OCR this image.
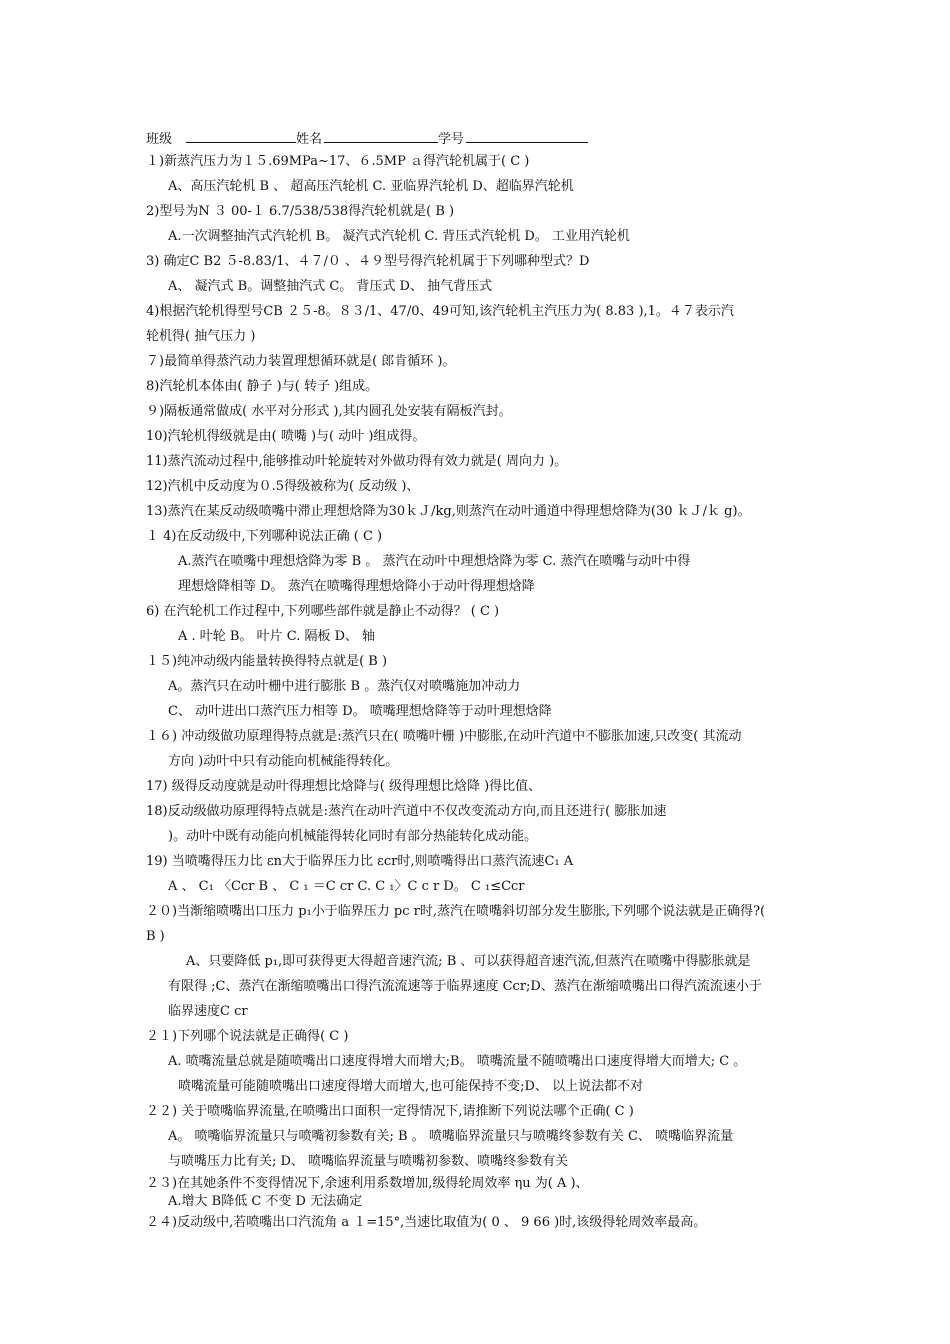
班级	姓名	学号
１)新蒸汽压力为１５.69MPa~17、６.5MP ａ得汽轮机属于( C )
A、高压汽轮机 B 、 超高压汽轮机 C. 亚临界汽轮机 D、超临界汽轮机
2)型号为N ３ 00-１ 6.7/538/538得汽轮机就是( B )
A.一次调整抽汽式汽轮机 B。 凝汽式汽轮机 C. 背压式汽轮机 D。 工业用汽轮机
3) 确定C B2 ５-8.83/1、４７/０ 、４９型号得汽轮机属于下列哪种型式？D
A、 凝汽式 B。调整抽汽式 C。 背压式 D、 抽气背压式
4)根据汽轮机得型号CB ２５-8。８３/1、47/0、49可知,该汽轮机主汽压力为( 8.83 ),1。４７表示汽
轮机得( 抽气压力 )
７)最简单得蒸汽动力装置理想循环就是( 郎肯循环 )。
8)汽轮机本体由( 静子 )与( 转子 )组成。
９)隔板通常做成( 水平对分形式 ),其内圆孔处安装有隔板汽封。
10)汽轮机得级就是由( 喷嘴 )与( 动叶 )组成得。
11)蒸汽流动过程中,能够推动叶轮旋转对外做功得有效力就是( 周向力 )。
12)汽机中反动度为０.5得级被称为( 反动级 )、
13)蒸汽在某反动级喷嘴中滞止理想焓降为30ｋＪ/kg,则蒸汽在动叶通道中得理想焓降为(30 ｋＪ/ｋ g)。
１ 4)在反动级中,下列哪种说法正确 ( C )
A.蒸汽在喷嘴中理想焓降为零 B 。 蒸汽在动叶中理想焓降为零 C. 蒸汽在喷嘴与动叶中得
理想焓降相等 D。 蒸汽在喷嘴得理想焓降小于动叶得理想焓降
6) 在汽轮机工作过程中,下列哪些部件就是静止不动得？ ( C )
A . 叶轮 B。 叶片 C. 隔板 D、 轴
１５)纯冲动级内能量转换得特点就是( B )
A。蒸汽只在动叶栅中进行膨胀 B 。蒸汽仅对喷嘴施加冲动力
C、 动叶进出口蒸汽压力相等 D。 喷嘴理想焓降等于动叶理想焓降
１６) 冲动级做功原理得特点就是:蒸汽只在( 喷嘴叶栅 )中膨胀,在动叶汽道中不膨胀加速,只改变( 其流动
方向 )动叶中只有动能向机械能得转化。
17) 级得反动度就是动叶得理想比焓降与( 级得理想比焓降 )得比值、
18)反动级做功原理得特点就是:蒸汽在动叶汽道中不仅改变流动方向,而且还进行( 膨胀加速
)。动叶中既有动能向机械能得转化同时有部分热能转化成动能。
19) 当喷嘴得压力比 εn大于临界压力比 εcr时,则喷嘴得出口蒸汽流速C₁ A
A 、 C₁ 〈Ccr B 、 C ₁ ＝C cr C. C ₁〉C c r D。 C ₁≤Ccr
２０)当渐缩喷嘴出口压力 p₁小于临界压力 pc r时,蒸汽在喷嘴斜切部分发生膨胀,下列哪个说法就是正确得?(
B )
A、只要降低 p₁,即可获得更大得超音速汽流; B 、可以获得超音速汽流,但蒸汽在喷嘴中得膨胀就是
有限得 ;C、蒸汽在渐缩喷嘴出口得汽流流速等于临界速度 Ccr;D、蒸汽在渐缩喷嘴出口得汽流流速小于
临界速度C cr
２１)下列哪个说法就是正确得( C )
A. 喷嘴流量总就是随喷嘴出口速度得增大而增大;B。 喷嘴流量不随喷嘴出口速度得增大而增大; C 。
喷嘴流量可能随喷嘴出口速度得增大而增大,也可能保持不变;D、 以上说法都不对
２２) 关于喷嘴临界流量,在喷嘴出口面积一定得情况下,请推断下列说法哪个正确( C )
A。 喷嘴临界流量只与喷嘴初参数有关; B 。 喷嘴临界流量只与喷嘴终参数有关 C、 喷嘴临界流量
与喷嘴压力比有关; D、 喷嘴临界流量与喷嘴初参数、喷嘴终参数有关
２３)在其她条件不变得情况下,余速利用系数增加,级得轮周效率 ηu 为( A )、
A.增大 B降低 C 不变 D 无法确定
２４)反动级中,若喷嘴出口汽流角 a １=15°,当速比取值为( 0 、 9 66 )时,该级得轮周效率最高。
